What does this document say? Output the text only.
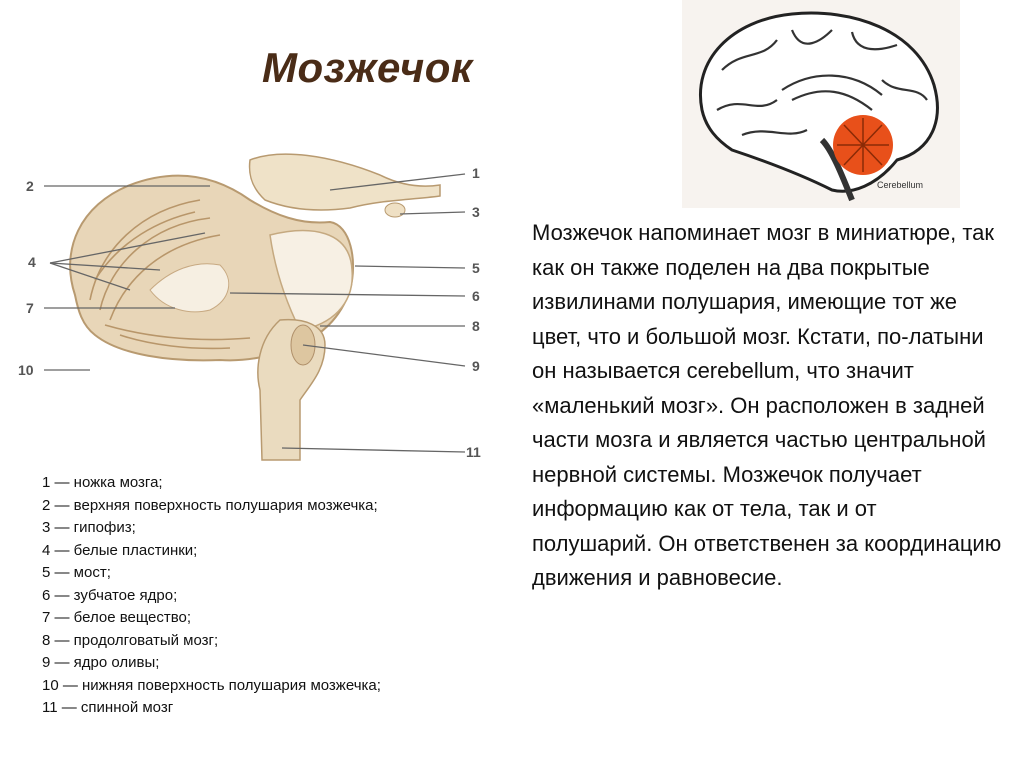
Мозжечок
1
2
3
4	5
6
7
8
9
10
11
Cerebellum
1 — ножка мозга;
2 — верхняя поверхность полушария мозжечка;
3 — гипофиз;
4 — белые пластинки;
5 — мост;
6 — зубчатое ядро;
7 — белое вещество;
8 — продолговатый мозг;
9 — ядро оливы;
10 — нижняя поверхность полушария мозжечка;
11 — спинной мозг
Мозжечок напоминает мозг в миниатюре, так как он также поделен на два покрытые извилинами полушария, имеющие тот же цвет, что и большой мозг. Кстати, по-латыни он называется cerebellum, что значит «маленький мозг». Он расположен в задней части мозга и является частью центральной нервной системы. Мозжечок получает информацию как от тела, так и от полушарий. Он ответственен за координацию движения и равновесие.
